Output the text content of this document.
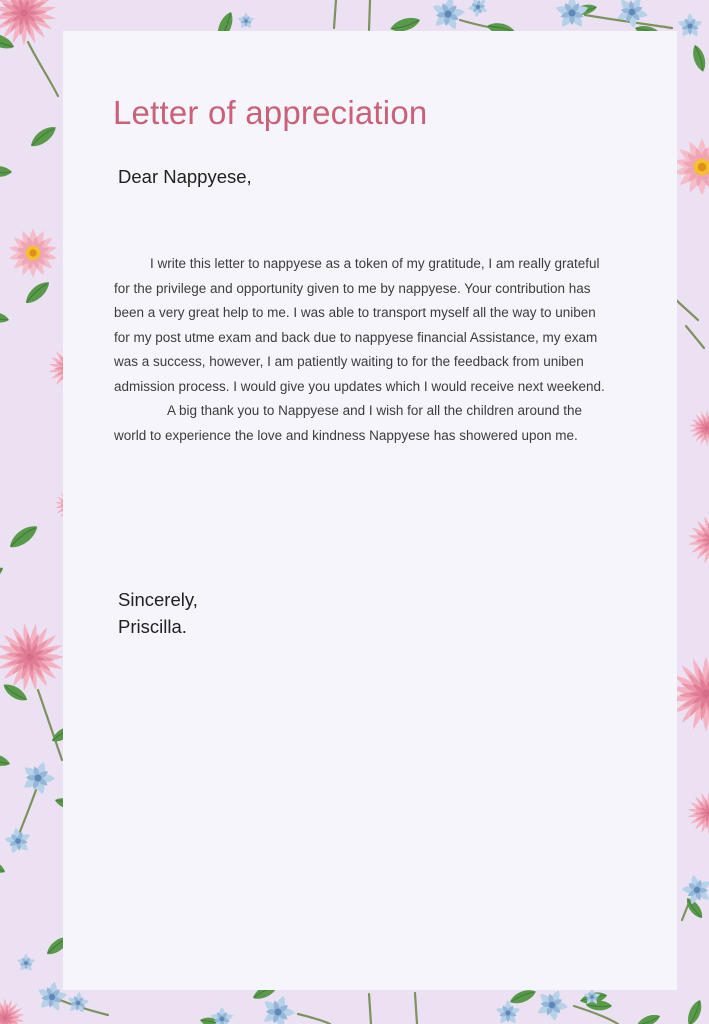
Letter of appreciation

Dear Nappyese,

I write this letter to nappyese as a token of my gratitude, I am really grateful
for the privilege and opportunity given to me by nappyese. Your contribution has
been a very great help to me. I was able to transport myself all the way to uniben
for my post utme exam and back due to nappyese financial Assistance, my exam
was a success, however, I am patiently waiting to for the feedback from uniben
admission process. I would give you updates which I would receive next weekend.
A big thank you to Nappyese and I wish for all the children around the
world to experience the love and kindness Nappyese has showered upon me.
Sincerely,
Priscilla.
